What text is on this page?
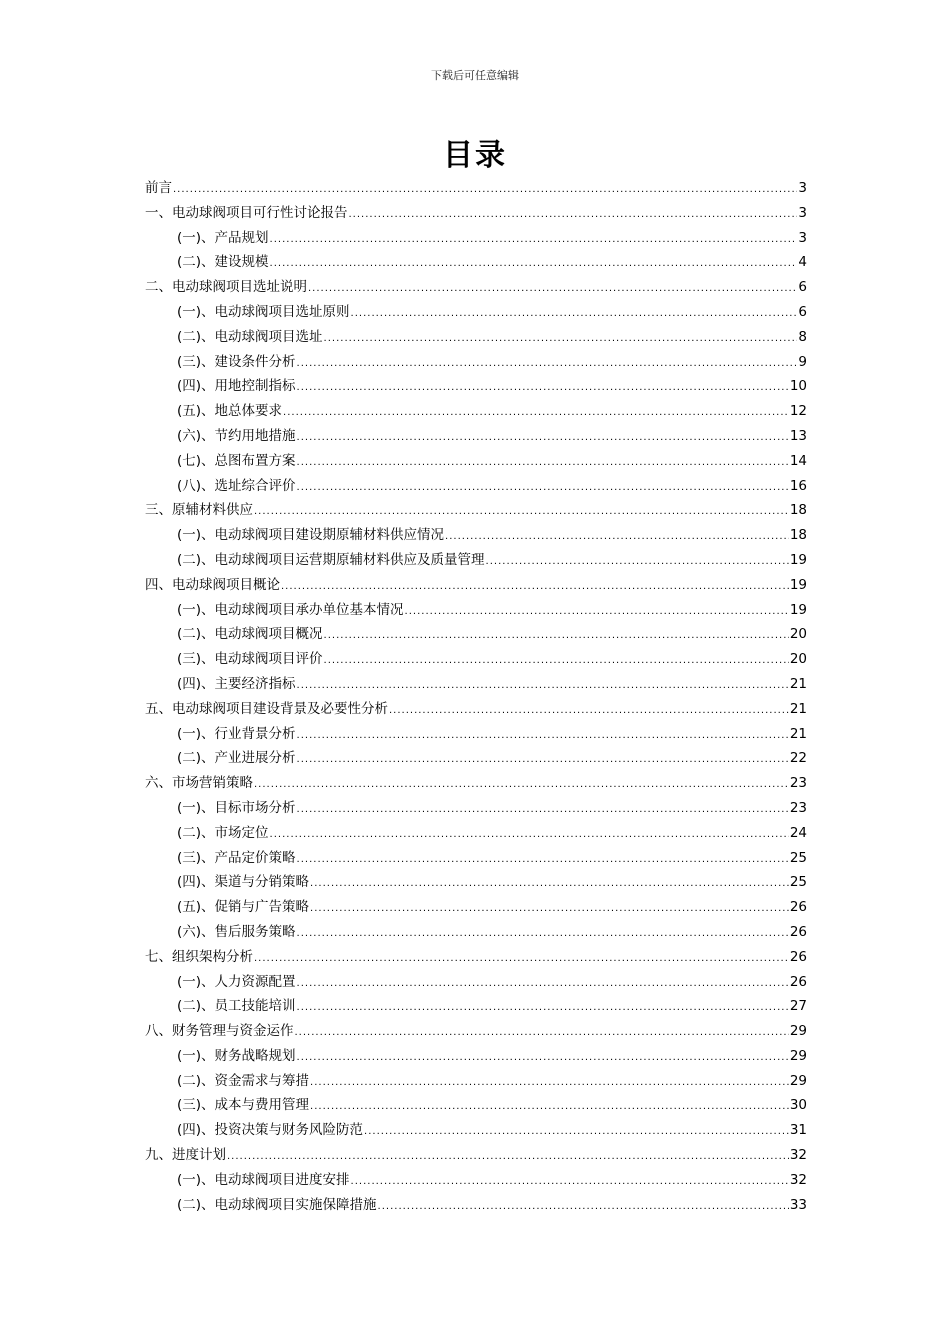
下载后可任意编辑
目录
前言 .....	3
一、电动球阀项目可行性讨论报告 .....	3
(一)、产品规划 .....	3
(二)、建设规模 .....	4
二、电动球阀项目选址说明 .....	6
(一)、电动球阀项目选址原则 .....	6
(二)、电动球阀项目选址 .....	8
(三)、建设条件分析 .....	9
(四)、用地控制指标 .....	10
(五)、地总体要求 .....	12
(六)、节约用地措施 .....	13
(七)、总图布置方案 .....	14
(八)、选址综合评价 .....	16
三、原辅材料供应 .....	18
(一)、电动球阀项目建设期原辅材料供应情况 .....	18
(二)、电动球阀项目运营期原辅材料供应及质量管理 .....	19
四、电动球阀项目概论 .....	19
(一)、电动球阀项目承办单位基本情况 .....	19
(二)、电动球阀项目概况 .....	20
(三)、电动球阀项目评价 .....	20
(四)、主要经济指标 .....	21
五、电动球阀项目建设背景及必要性分析 .....	21
(一)、行业背景分析 .....	21
(二)、产业进展分析 .....	22
六、市场营销策略 .....	23
(一)、目标市场分析 .....	23
(二)、市场定位 .....	24
(三)、产品定价策略 .....	25
(四)、渠道与分销策略 .....	25
(五)、促销与广告策略 .....	26
(六)、售后服务策略 .....	26
七、组织架构分析 .....	26
(一)、人力资源配置 .....	26
(二)、员工技能培训 .....	27
八、财务管理与资金运作 .....	29
(一)、财务战略规划 .....	29
(二)、资金需求与筹措 .....	29
(三)、成本与费用管理 .....	30
(四)、投资决策与财务风险防范 .....	31
九、进度计划 .....	32
(一)、电动球阀项目进度安排 .....	32
(二)、电动球阀项目实施保障措施 .....	33
